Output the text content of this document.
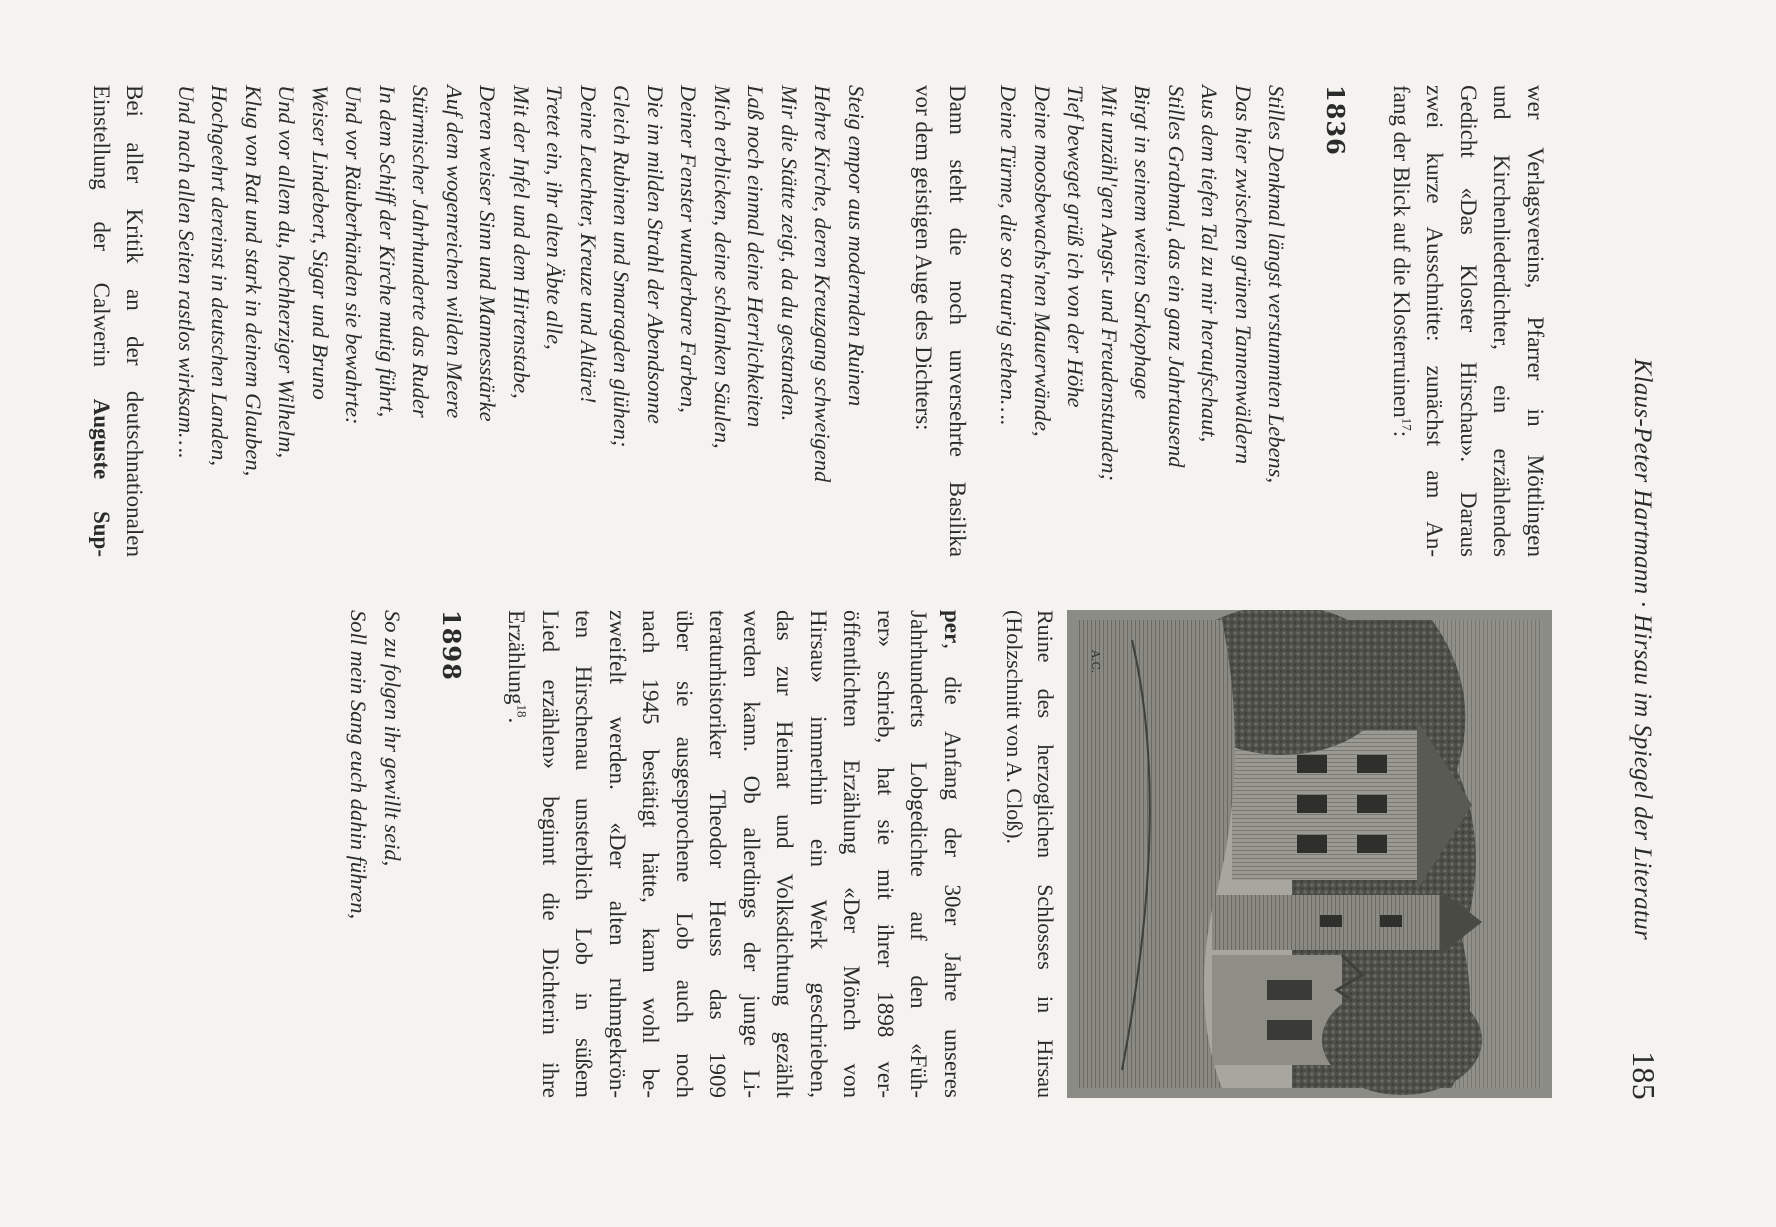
Klaus-Peter Hartmann · Hirsau im Spiegel der Literatur
185
wer Verlagsvereins, Pfarrer in Möttlingen
und Kirchenliederdichter, ein erzählendes
Gedicht «Das Kloster Hirschau». Daraus
zwei kurze Ausschnitte: zunächst am An-
fang der Blick auf die Klosterruinen$^{17}$:
1836
Stilles Denkmal längst verstummten Lebens,
Das hier zwischen grünen Tannenwäldern
Aus dem tiefen Tal zu mir heraufschaut,
Stilles Grabmal, das ein ganz Jahrtausend
Birgt in seinem weiten Sarkophage
Mit unzähl'gen Angst- und Freudenstunden;
Tief beweget grüß ich von der Höhe
Deine moosbewachs'nen Mauerwände,
Deine Türme, die so traurig stehen….
Dann steht die noch unversehrte Basilika
vor dem geistigen Auge des Dichters:
Steig empor aus modernden Ruinen
Hehre Kirche, deren Kreuzgang schweigend
Mir die Stätte zeigt, da du gestanden.
Laß noch einmal deine Herrlichkeiten
Mich erblicken, deine schlanken Säulen,
Deiner Fenster wunderbare Farben,
Die im milden Strahl der Abendsonne
Gleich Rubinen und Smaragden glühen;
Deine Leuchter, Kreuze und Altäre!
Tretet ein, ihr alten Äbte alle,
Mit der Infel und dem Hirtenstabe,
Deren weiser Sinn und Mannesstärke
Auf dem wogenreichen wilden Meere
Stürmischer Jahrhunderte das Ruder
In dem Schiff der Kirche mutig führt,
Und vor Räuberhänden sie bewahrte:
Weiser Lindebert, Sigar und Bruno
Und vor allem du, hochherziger Wilhelm,
Klug von Rat und stark in deinem Glauben,
Hochgeehrt dereinst in deutschen Landen,
Und nach allen Seiten rastlos wirksam….
Bei aller Kritik an der deutschnationalen
Einstellung der Calwerin Auguste Sup-
A.C.
Ruine des herzoglichen Schlosses in Hirsau
(Holzschnitt von A. Cloß).
per, die Anfang der 30er Jahre unseres
Jahrhunderts Lobgedichte auf den «Füh-
rer» schrieb, hat sie mit ihrer 1898 ver-
öffentlichten Erzählung «Der Mönch von
Hirsau» immerhin ein Werk geschrieben,
das zur Heimat und Volksdichtung gezählt
werden kann. Ob allerdings der junge Li-
teraturhistoriker Theodor Heuss das 1909
über sie ausgesprochene Lob auch noch
nach 1945 bestätigt hätte, kann wohl be-
zweifelt werden. «Der alten ruhmgekrön-
ten Hirschenau unsterblich Lob in süßem
Lied erzählen» beginnt die Dichterin ihre
Erzählung$^{18}$.
1898
So zu folgen ihr gewillt seid,
Soll mein Sang euch dahin führen,
